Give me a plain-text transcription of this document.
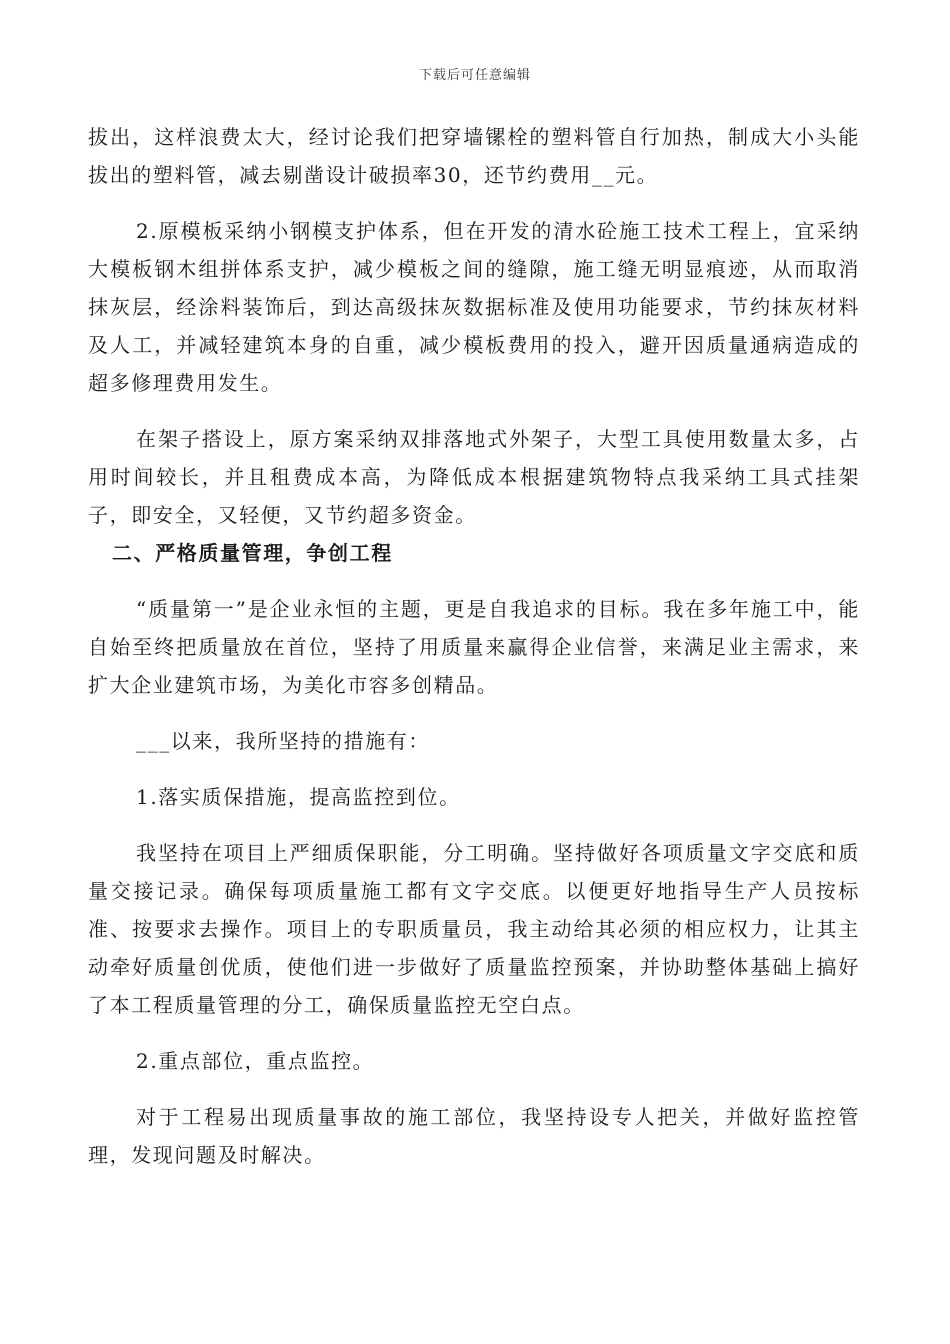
下载后可任意编辑

拔出，这样浪费太大，经讨论我们把穿墙镙栓的塑料管自行加热，制成大小头能拔出的塑料管，减去剔凿设计破损率30，还节约费用__元。

2.原模板采纳小钢模支护体系，但在开发的清水砼施工技术工程上，宜采纳大模板钢木组拼体系支护，减少模板之间的缝隙，施工缝无明显痕迹，从而取消抹灰层，经涂料装饰后，到达高级抹灰数据标准及使用功能要求，节约抹灰材料及人工，并减轻建筑本身的自重，减少模板费用的投入，避开因质量通病造成的超多修理费用发生。

在架子搭设上，原方案采纳双排落地式外架子，大型工具使用数量太多，占用时间较长，并且租费成本高，为降低成本根据建筑物特点我采纳工具式挂架子，即安全，又轻便，又节约超多资金。

二、严格质量管理，争创工程

“质量第一”是企业永恒的主题，更是自我追求的目标。我在多年施工中，能自始至终把质量放在首位，坚持了用质量来赢得企业信誉，来满足业主需求，来扩大企业建筑市场，为美化市容多创精品。

___以来，我所坚持的措施有：

1.落实质保措施，提高监控到位。

我坚持在项目上严细质保职能，分工明确。坚持做好各项质量文字交底和质量交接记录。确保每项质量施工都有文字交底。以便更好地指导生产人员按标准、按要求去操作。项目上的专职质量员，我主动给其必须的相应权力，让其主动牵好质量创优质，使他们进一步做好了质量监控预案，并协助整体基础上搞好了本工程质量管理的分工，确保质量监控无空白点。

2.重点部位，重点监控。

对于工程易出现质量事故的施工部位，我坚持设专人把关，并做好监控管理，发现问题及时解决。
